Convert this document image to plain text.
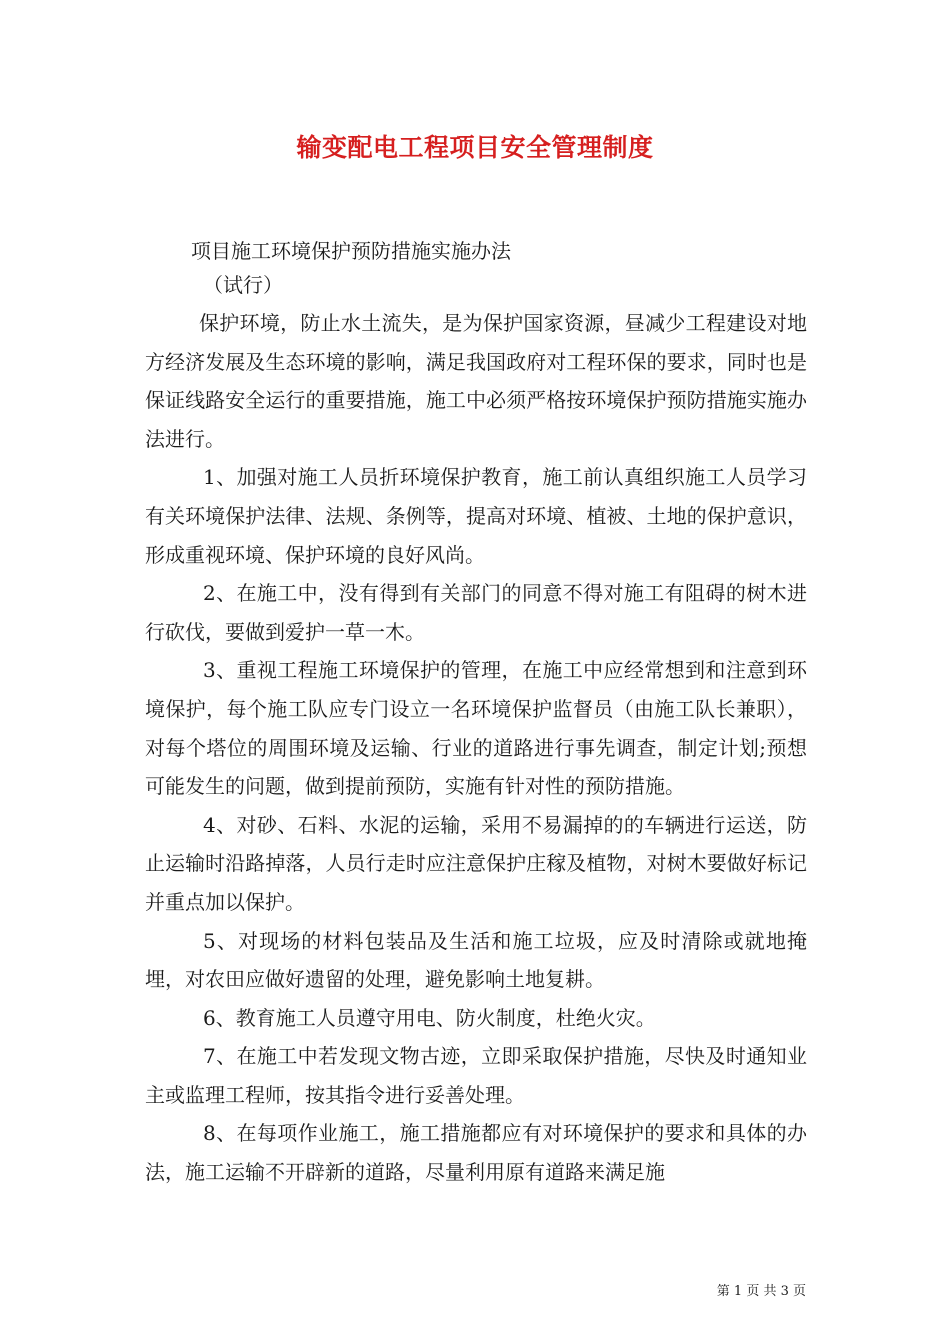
输变配电工程项目安全管理制度

项目施工环境保护预防措施实施办法

（试行）

保护环境，防止水土流失，是为保护国家资源，昼减少工程建设对地方经济发展及生态环境的影响，满足我国政府对工程环保的要求，同时也是保证线路安全运行的重要措施，施工中必须严格按环境保护预防措施实施办法进行。

1、加强对施工人员折环境保护教育，施工前认真组织施工人员学习有关环境保护法律、法规、条例等，提高对环境、植被、土地的保护意识，形成重视环境、保护环境的良好风尚。

2、在施工中，没有得到有关部门的同意不得对施工有阻碍的树木进行砍伐，要做到爱护一草一木。

3、重视工程施工环境保护的管理，在施工中应经常想到和注意到环境保护，每个施工队应专门设立一名环境保护监督员（由施工队长兼职），对每个塔位的周围环境及运输、行业的道路进行事先调查，制定计划;预想可能发生的问题，做到提前预防，实施有针对性的预防措施。

4、对砂、石料、水泥的运输，采用不易漏掉的的车辆进行运送，防止运输时沿路掉落，人员行走时应注意保护庄稼及植物，对树木要做好标记并重点加以保护。

5、对现场的材料包装品及生活和施工垃圾，应及时清除或就地掩埋，对农田应做好遗留的处理，避免影响土地复耕。

6、教育施工人员遵守用电、防火制度，杜绝火灾。

7、在施工中若发现文物古迹，立即采取保护措施，尽快及时通知业主或监理工程师，按其指令进行妥善处理。

8、在每项作业施工，施工措施都应有对环境保护的要求和具体的办法，施工运输不开辟新的道路，尽量利用原有道路来满足施

第 1 页 共 3 页
